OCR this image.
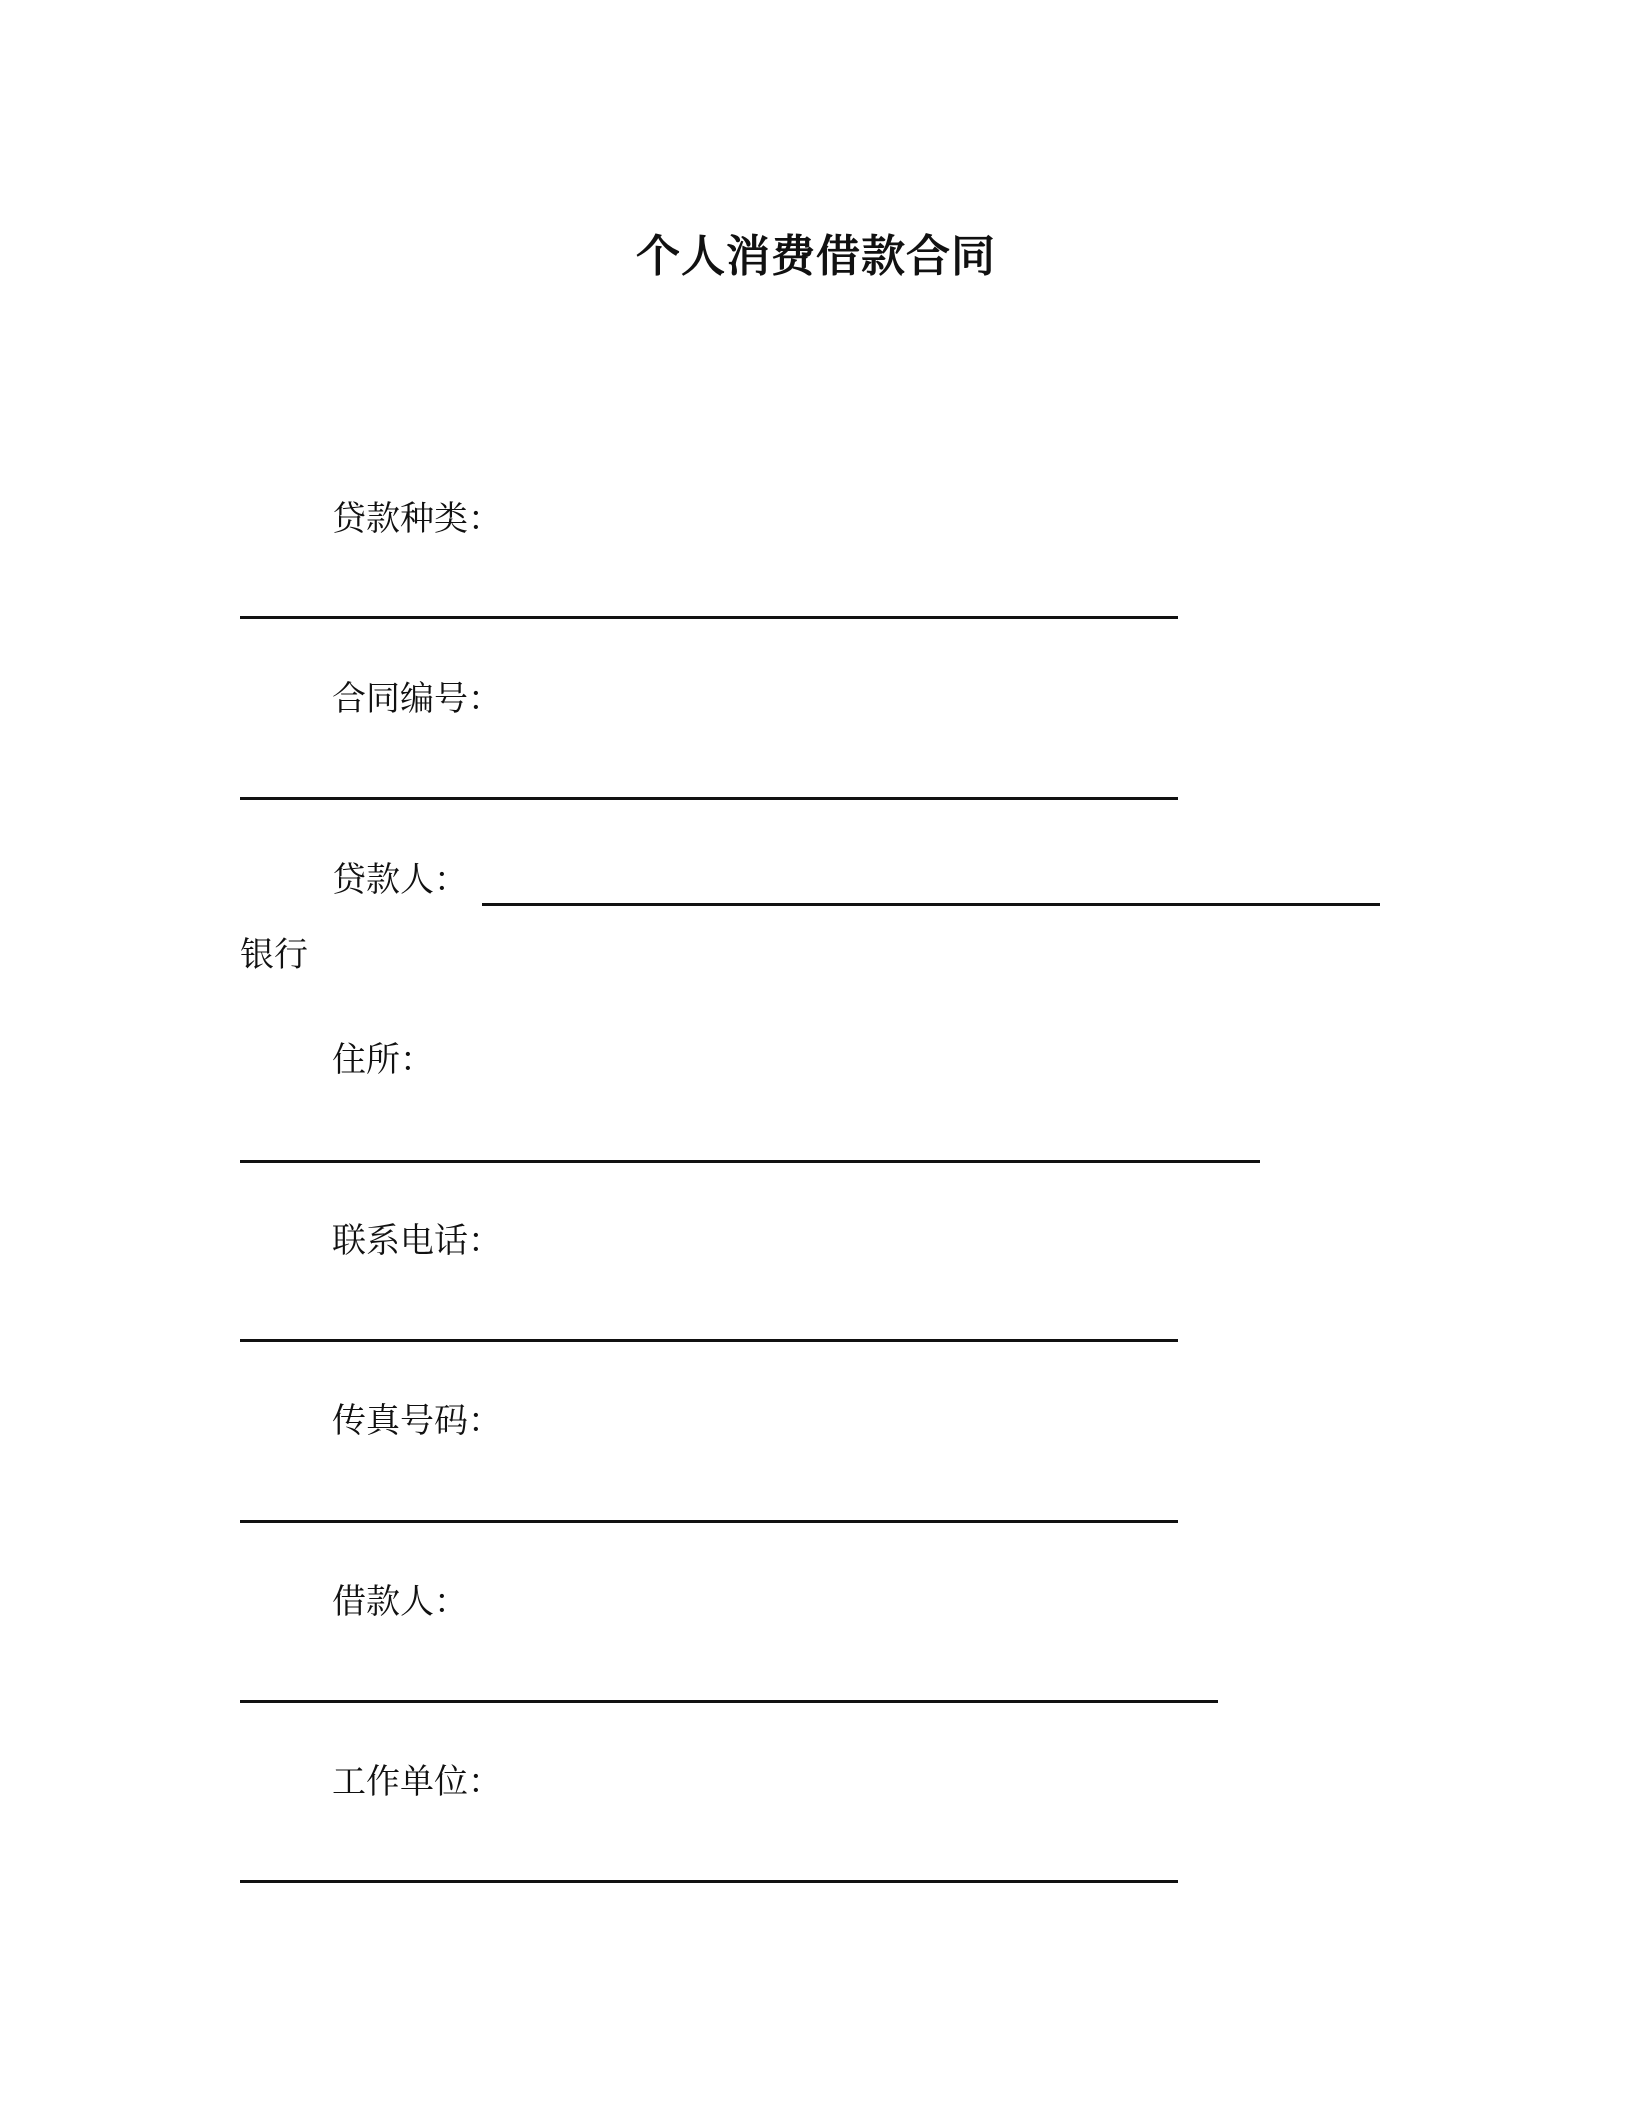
个人消费借款合同
贷款种类：
合同编号：
贷款人：
银行
住所：
联系电话：
传真号码：
借款人：
工作单位：
